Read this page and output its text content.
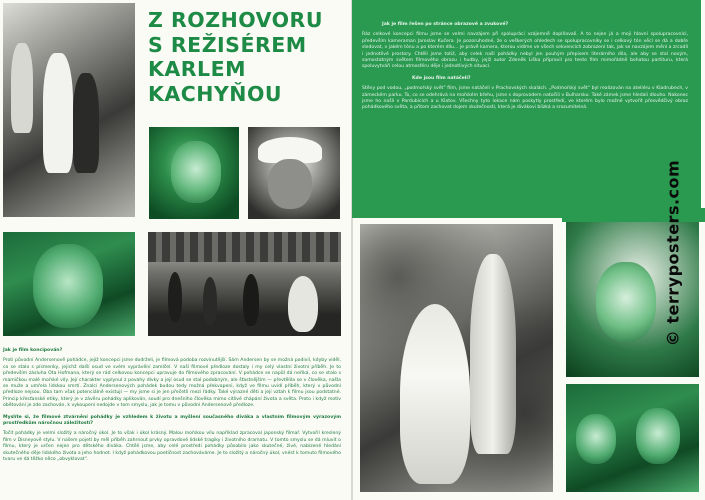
Z ROZHOVORU
S REŽISÉREM
KARLEM
KACHYŇOU
Jak je film koncipován?
Proti původní Andersenově pohádce, jejíž koncepci jsme dodrželi, je filmová podoba rozvinutější. Sám Andersen by se možná podivil, kdyby viděl, co se stalo s písmenky, jejichž další osud ve svém vyprávění zamlčel. V naší filmové předloze dostaly i my celý vlastní životní příběh. Je to především zásluha Ota Hofmana, který se rád celkovou koncepci upravuje do filmového zpracování. V pohádce se napůl dá neříká, co se stalo s mamičkou malé mořské víly. Její charakter vyplynul z povahy dívky a její osud se stal podobným, ale šťastnějším — převtělila se v člověka, našla se muže a umřela lidskou smrtí. Znalci Andersenových pohádek budou tedy možná překvapeni, když ve filmu uvidí příběh, který v původní předloze nejsou. Oba tam však potenciálně existují — my jsme si je jen přečetli mezi řádky. Také výrazné děti a její vztah k filmu jsou podstatné. Princip křesťanské etiky, který je v závěru pohádky aplikován, soudí pro dnešního člověka mimo citlivé chápání života a světa. Proto i když motiv obětování je zde zachován, k vykoupení nedojde v tom smyslu, jak je tomu v původní Andersenově předloze.
Myslíte si, že filmové ztvárnění pohádky je vzhledem k životu a myšlení současného diváka a vlastním filmovým výrazovým prostředkům náročnou záležitostí?
Točit pohádky je velmi složitý a náročný úkol. Je to však i úkol krásný. Malou mořskou vílu například zpracoval japonský filmař. Vytvořil kreslený film v Disneyově stylu. V našem pojetí by měl příběh zahrnout prvky opravdové lidské tragiky i životního dramatu. V tomto smyslu se dá mluvit o filmu, který je určen nejen pro dětského diváka. Chtěli jsme, aby celé prostředí pohádky působilo jako skutečné, živé, nabízené hledání skutečného děje lidského života a jeho hodnot. I když pohádkovou poetičnost zachováváme. Je to složitý a náročný úkol, vnést k tomuto filmového tvaru ve dá těžko něco „obvyklovat“.
Jak je film řešen po stránce obrazové a zvukové?
Ráz celkové koncepci filmu jsme se velmi navzájem při spolupráci vzájemně doplňovali. A to nejen já a moji hlavní spolupracovníci, především kameraman Jaroslav Kučera. Je pozoruhodné, že o veškerých ohledech se spolupracovníky se i celkový tón věcí se dá a dobře sledovat, v jakém tónu a po kterém dílu... je právě kamera, kterou vidíme ve všech sekvencích zobrazení tak, jak se navzájem mění a zrcadlí i jednotlivé prostory. Chtěli jsme totiž, aby celek naší pohádky nebyl jen pouhým přepisem literárního díla, ale aby se stal novým, samostatným světem filmového obrazu i hudby, jejíž autor Zdeněk Liška připravil pro tento film mimořádně bohatou partituru, která spoluvytváří celou atmosféru děje i jednotlivých situací.
Kde jsou film natáčeli?
Stěny pod vodou, „podmořský svět“ film, jsme natáčeli v Prachovských skalách. „Podmořský svět“ byl realizován na ateliéru v Kladrubech, v zámeckém parku. To, co se odehrává na mořském břehu, jsme s doprovodem natočili v Bulharsku. Také zámek jsme hledali dlouho. Nakonec jsme ho našli v Pardubicích a u Klatov. Všechny tyto lokace nám poskytly prostředí, ve kterém bylo možné vytvořit přesvědčivý obraz pohádkového světa, a přitom zachovat dojem skutečnosti, která je divákovi blízká a srozumitelná.
© terryposters.com
